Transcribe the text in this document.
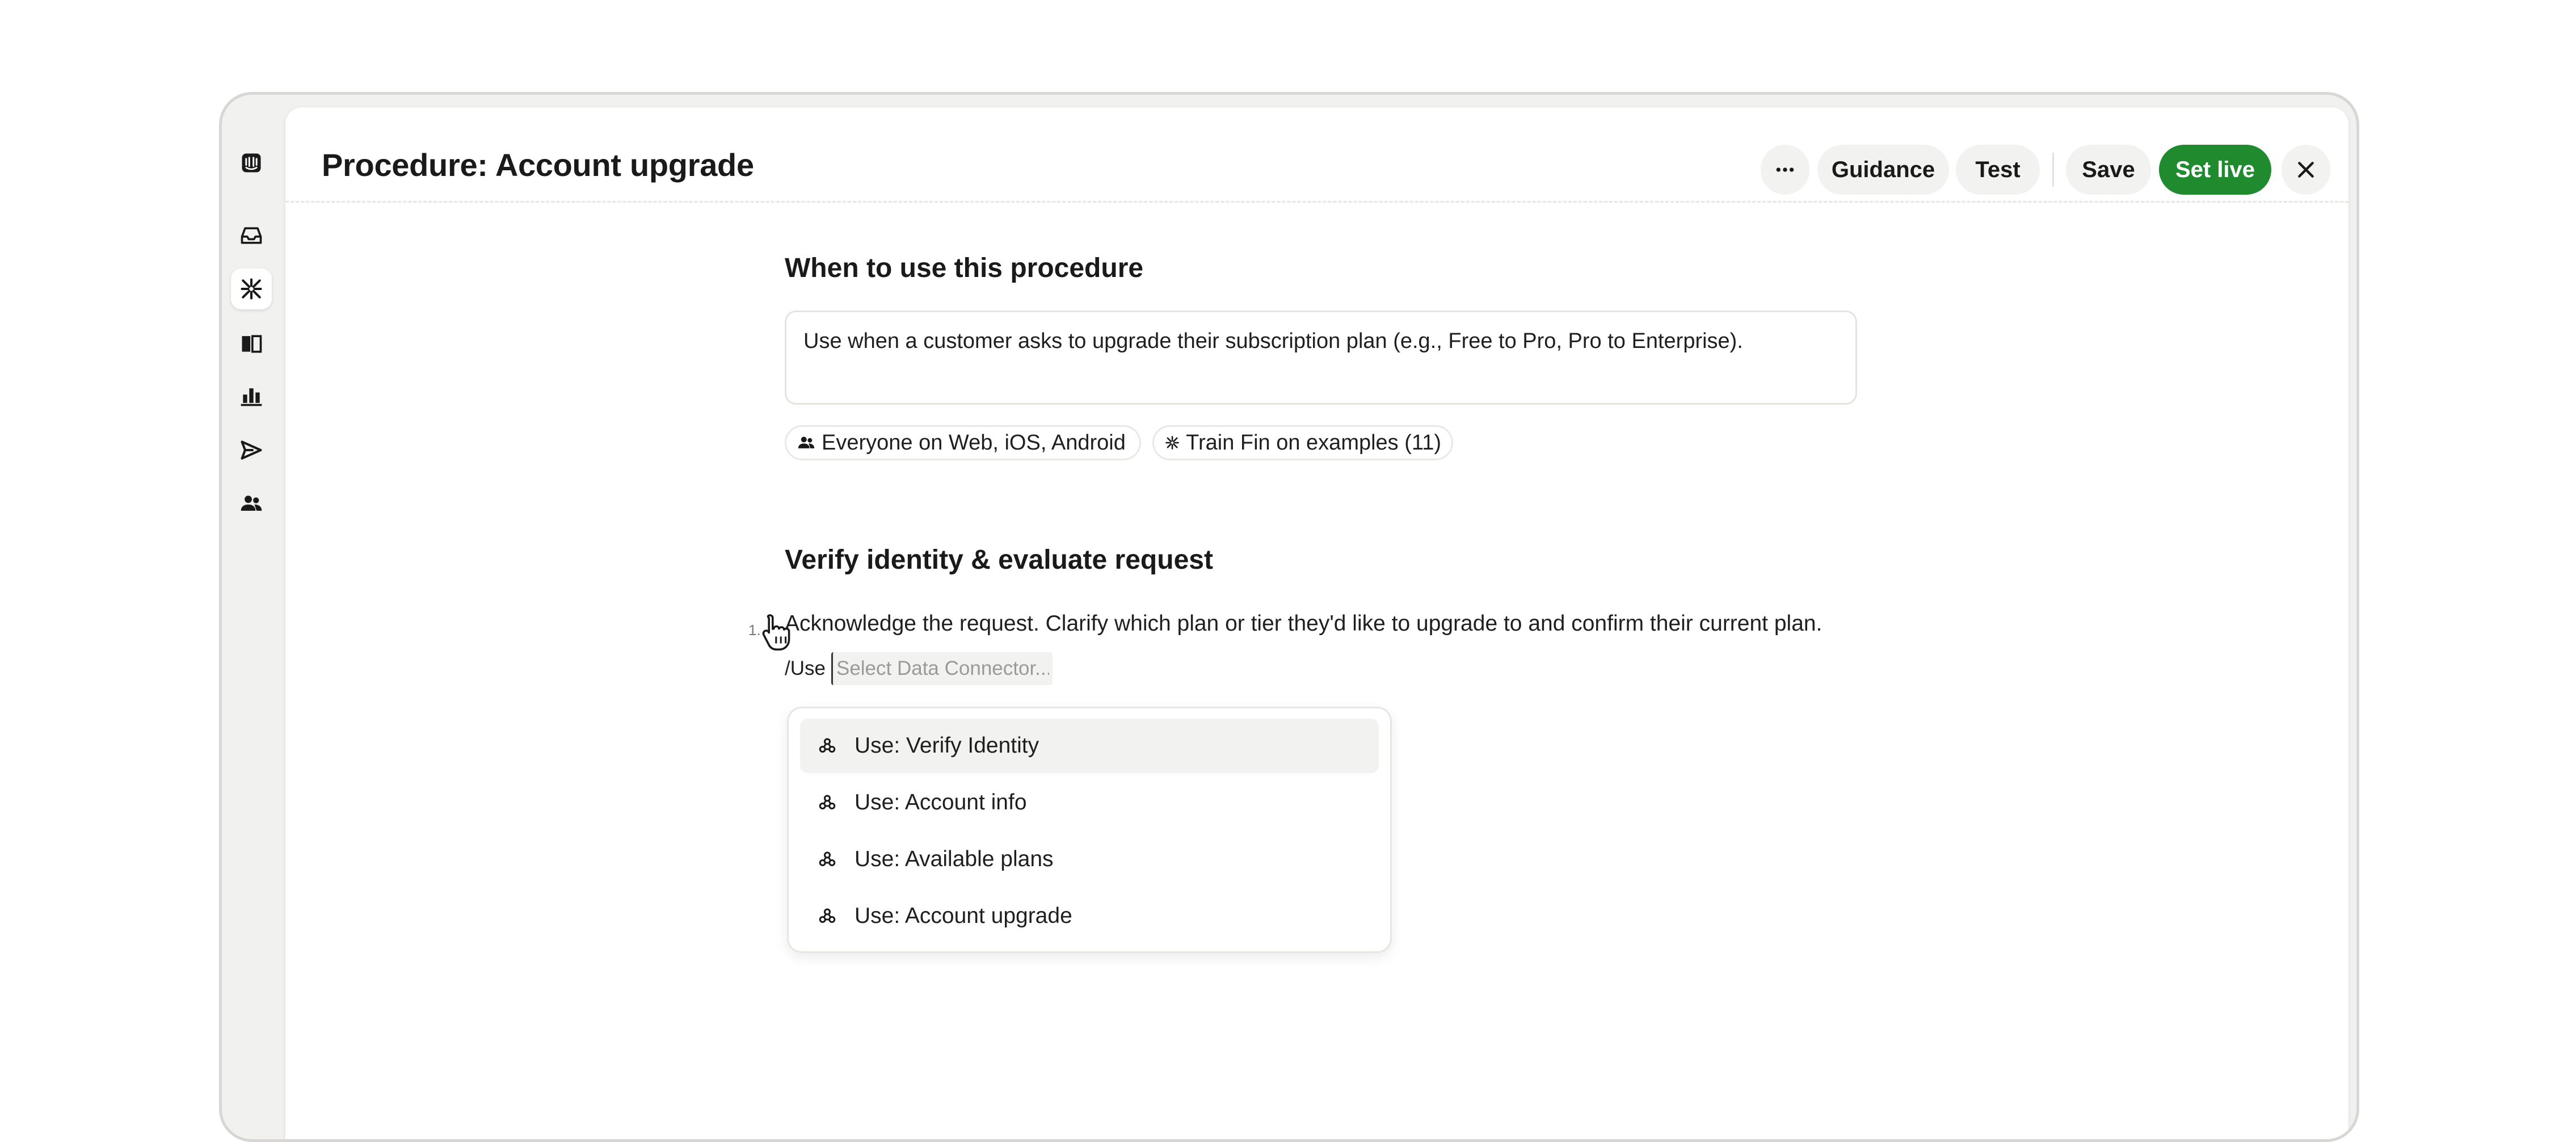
Procedure: Account upgrade	Guidance	Test	Save	Set live
When to use this procedure
Use when a customer asks to upgrade their subscription plan (e.g., Free to Pro, Pro to Enterprise).
Everyone on Web, iOS, Android	Train Fin on examples (11)
Verify identity & evaluate request
1. Acknowledge the request. Clarify which plan or tier they'd like to upgrade to and confirm their current plan.
/Use
Select Data Connector...
Use: Verify Identity
Use: Account info
Use: Available plans
Use: Account upgrade
